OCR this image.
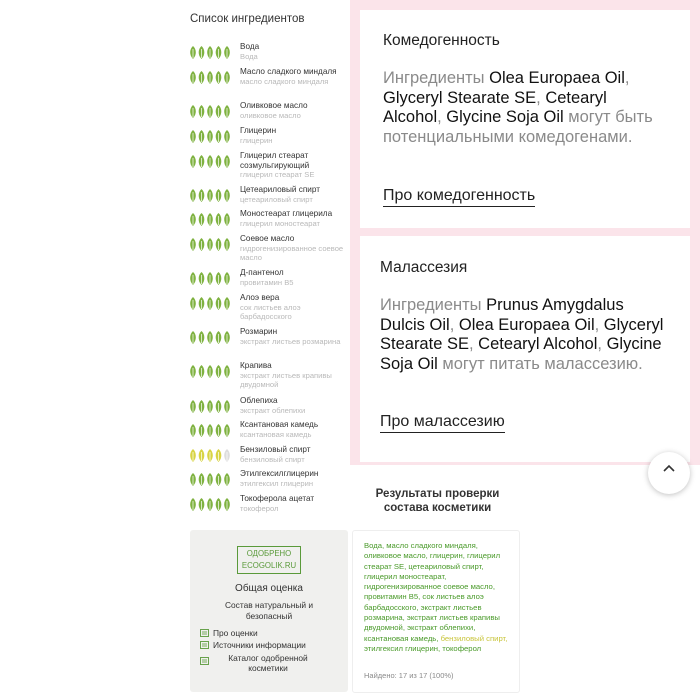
Список ингредиентов
Вода
Вода
Масло сладкого миндаля
масло сладкого миндаля
Оливковое масло
оливковое масло
Глицерин
глицерин
Глицерил стеарат созмульгирующий
глицерил стеарат SE
Цетеариловый спирт
цетеариловый спирт
Моностеарат глицерила
глицерил моностеарат
Соевое масло
гидрогенизированное соевое масло
Д-пантенол
провитамин B5
Алоэ вера
сок листьев алоэ барбадосского
Розмарин
экстракт листьев розмарина
Крапива
экстракт листьев крапивы двудомной
Облепиха
экстракт облепихи
Ксантановая камедь
ксантановая камедь
Бензиловый спирт
бензиловый спирт
Этилгексилглицерин
этилгексил глицерин
Токоферола ацетат
токоферол
Комедогенность
Ингредиенты Olea Europaea Oil, Glyceryl Stearate SE, Cetearyl Alcohol, Glycine Soja Oil могут быть потенциальными комедогенами.
Про комедогенность
Малассезия
Ингредиенты Prunus Amygdalus Dulcis Oil, Olea Europaea Oil, Glyceryl Stearate SE, Cetearyl Alcohol, Glycine Soja Oil могут питать малассезию.
Про малассезию
Результаты проверки состава косметики
Вода, масло сладкого миндаля, оливковое масло, глицерин, глицерил стеарат SE, цетеариловый спирт, глицерил моностеарат, гидрогенизированное соевое масло, провитамин B5, сок листьев алоэ барбадосского, экстракт листьев розмарина, экстракт листьев крапивы двудомной, экстракт облепихи, ксантановая камедь, бензиловый спирт, этилгексил глицерин, токоферол
Найдено: 17 из 17 (100%)
ОДОБРЕНО
ECOGOLIK.RU
Общая оценка
Состав натуральный и безопасный
Про оценки
Источники информации
Каталог одобренной косметики
